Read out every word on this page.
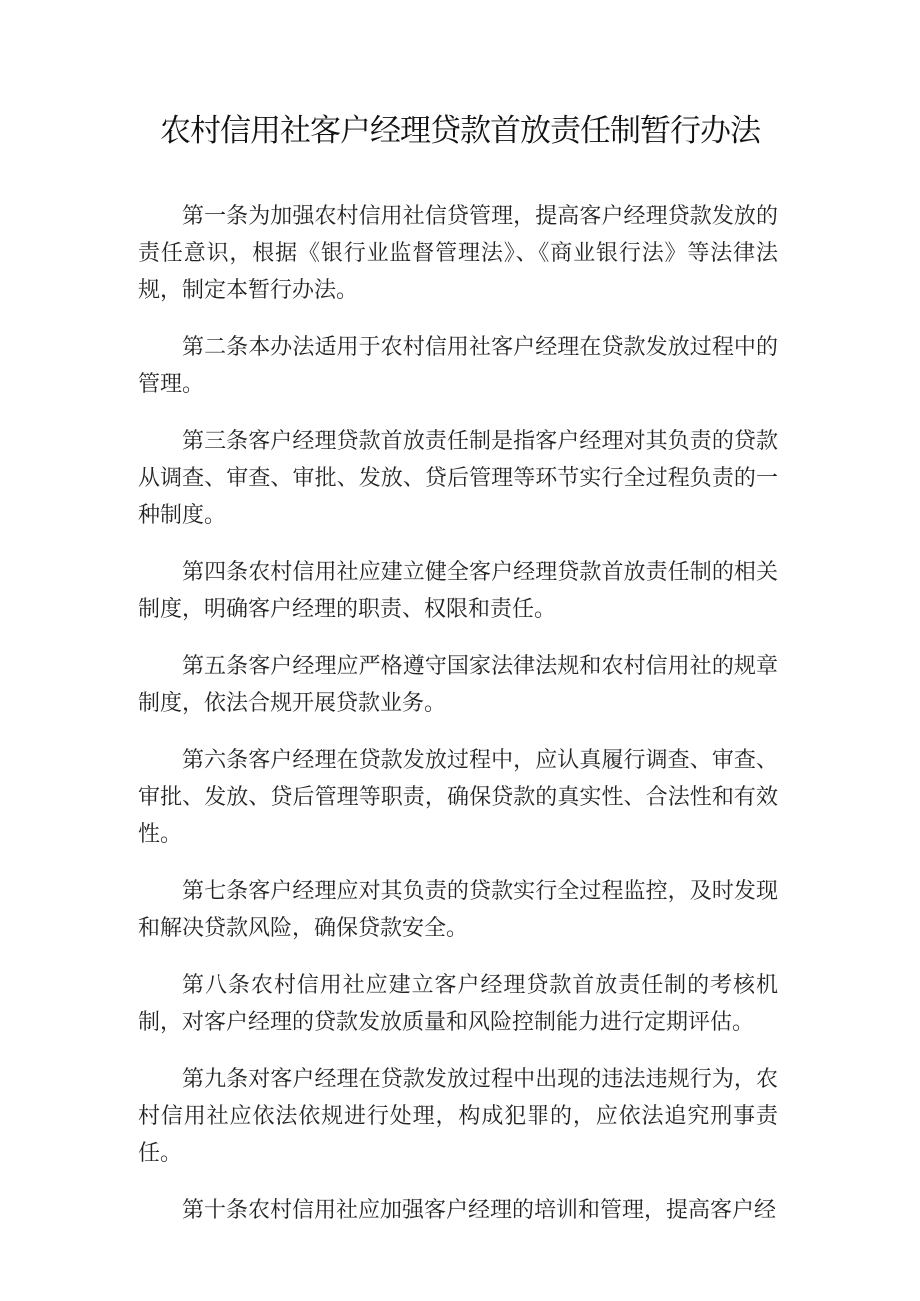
农村信用社客户经理贷款首放责任制暂行办法

第一条为加强农村信用社信贷管理，提高客户经理贷款发放的责任意识，根据《银行业监督管理法》、《商业银行法》等法律法规，制定本暂行办法。

第二条本办法适用于农村信用社客户经理在贷款发放过程中的管理。

第三条客户经理贷款首放责任制是指客户经理对其负责的贷款从调查、审查、审批、发放、贷后管理等环节实行全过程负责的一种制度。

第四条农村信用社应建立健全客户经理贷款首放责任制的相关制度，明确客户经理的职责、权限和责任。

第五条客户经理应严格遵守国家法律法规和农村信用社的规章制度，依法合规开展贷款业务。

第六条客户经理在贷款发放过程中，应认真履行调查、审查、审批、发放、贷后管理等职责，确保贷款的真实性、合法性和有效性。

第七条客户经理应对其负责的贷款实行全过程监控，及时发现和解决贷款风险，确保贷款安全。

第八条农村信用社应建立客户经理贷款首放责任制的考核机制，对客户经理的贷款发放质量和风险控制能力进行定期评估。

第九条对客户经理在贷款发放过程中出现的违法违规行为，农村信用社应依法依规进行处理，构成犯罪的，应依法追究刑事责任。

第十条农村信用社应加强客户经理的培训和管理，提高客户经
